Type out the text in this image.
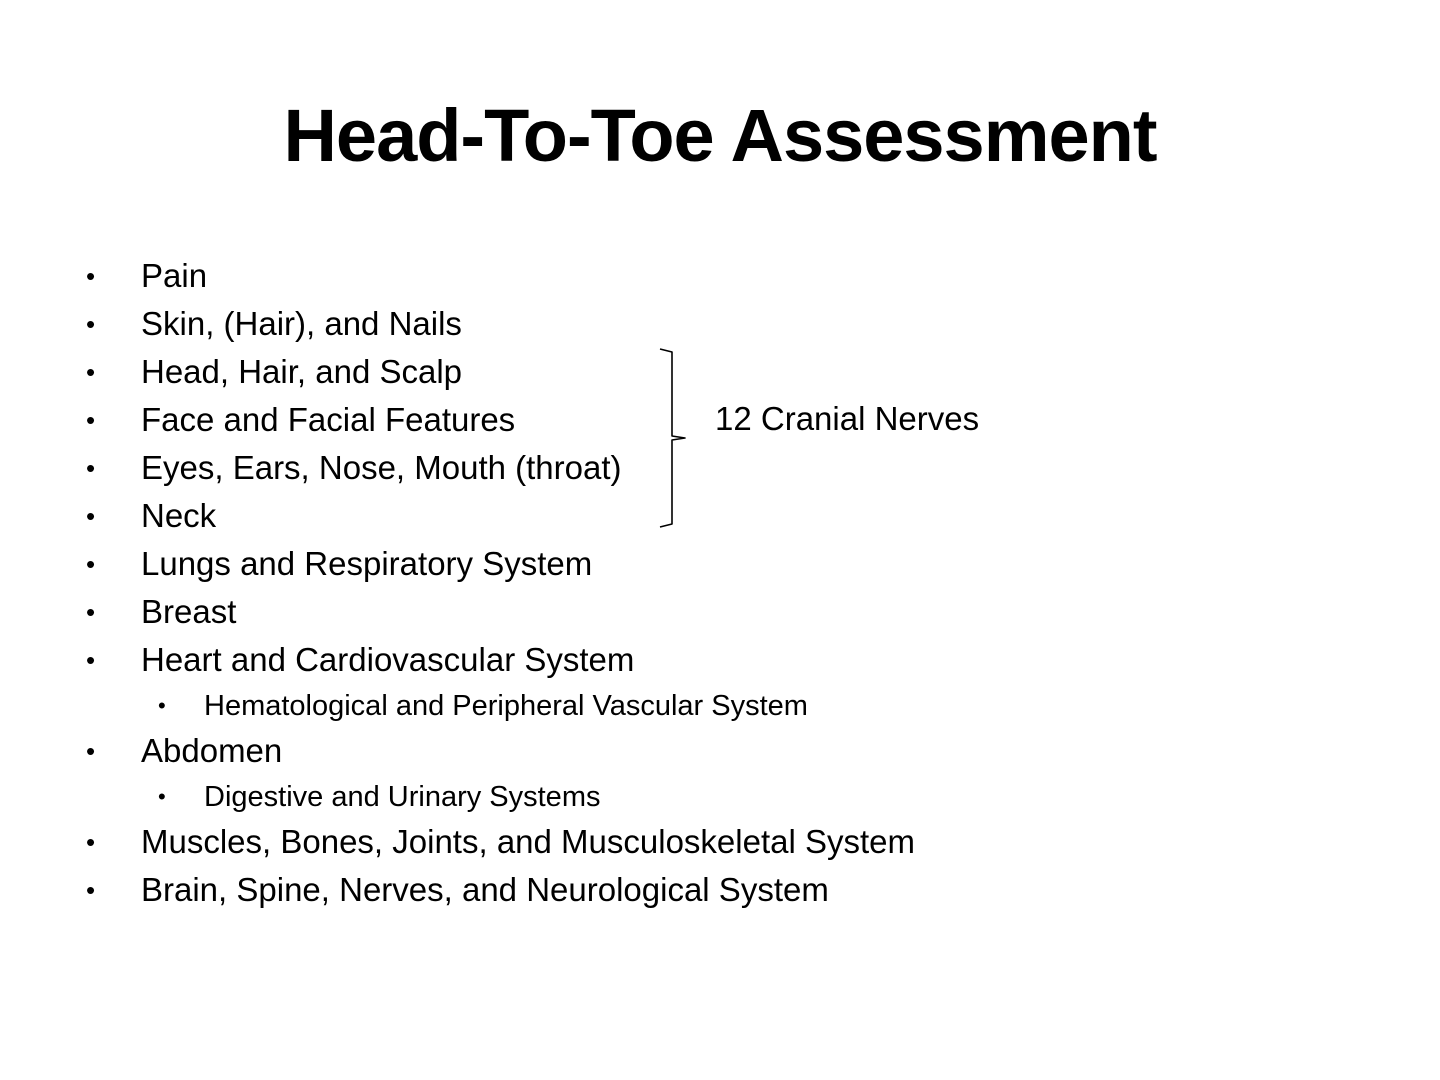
Head-To-Toe Assessment
• Pain
• Skin, (Hair), and Nails
• Head, Hair, and Scalp
• Face and Facial Features
• Eyes, Ears, Nose, Mouth (throat)
• Neck
• Lungs and Respiratory System
• Breast
• Heart and Cardiovascular System
• Hematological and Peripheral Vascular System
• Abdomen
• Digestive and Urinary Systems
• Muscles, Bones, Joints, and Musculoskeletal System
• Brain, Spine, Nerves, and Neurological System
12 Cranial Nerves
